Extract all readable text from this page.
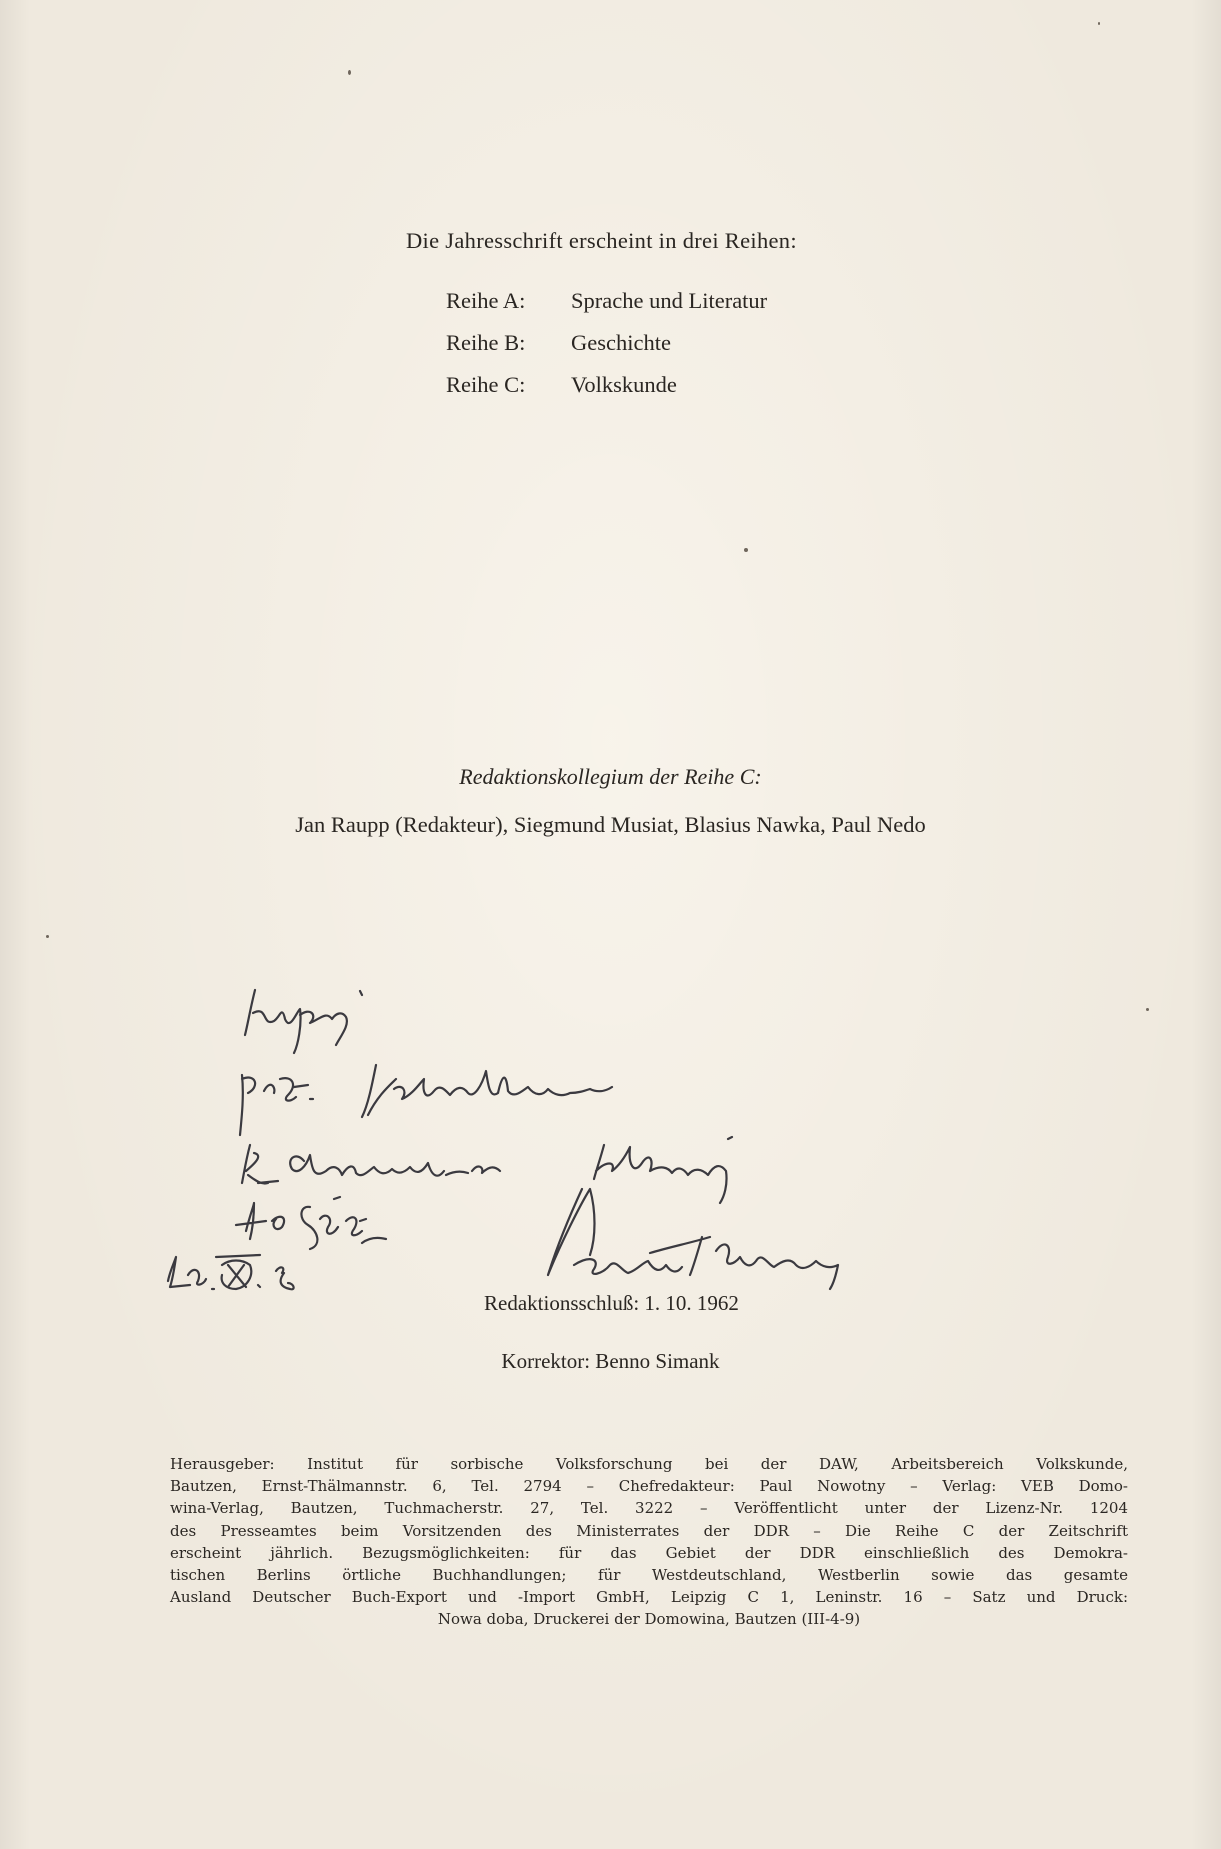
Die Jahresschrift erscheint in drei Reihen:
Reihe A:	Sprache und Literatur
Reihe B:	Geschichte
Reihe C:	Volkskunde
Redaktionskollegium der Reihe C:
Jan Raupp (Redakteur), Siegmund Musiat, Blasius Nawka, Paul Nedo
Redaktionsschluß: 1. 10. 1962
Korrektor: Benno Simank
Herausgeber: Institut für sorbische Volksforschung bei der DAW, Arbeitsbereich Volkskunde,
Bautzen, Ernst-Thälmannstr. 6, Tel. 2794 – Chefredakteur: Paul Nowotny – Verlag: VEB Domo-
wina-Verlag, Bautzen, Tuchmacherstr. 27, Tel. 3222 – Veröffentlicht unter der Lizenz-Nr. 1204
des Presseamtes beim Vorsitzenden des Ministerrates der DDR – Die Reihe C der Zeitschrift
erscheint jährlich. Bezugsmöglichkeiten: für das Gebiet der DDR einschließlich des Demokra-
tischen Berlins örtliche Buchhandlungen; für Westdeutschland, Westberlin sowie das gesamte
Ausland Deutscher Buch-Export und -Import GmbH, Leipzig C 1, Leninstr. 16 – Satz und Druck:
Nowa doba, Druckerei der Domowina, Bautzen (III-4-9)
